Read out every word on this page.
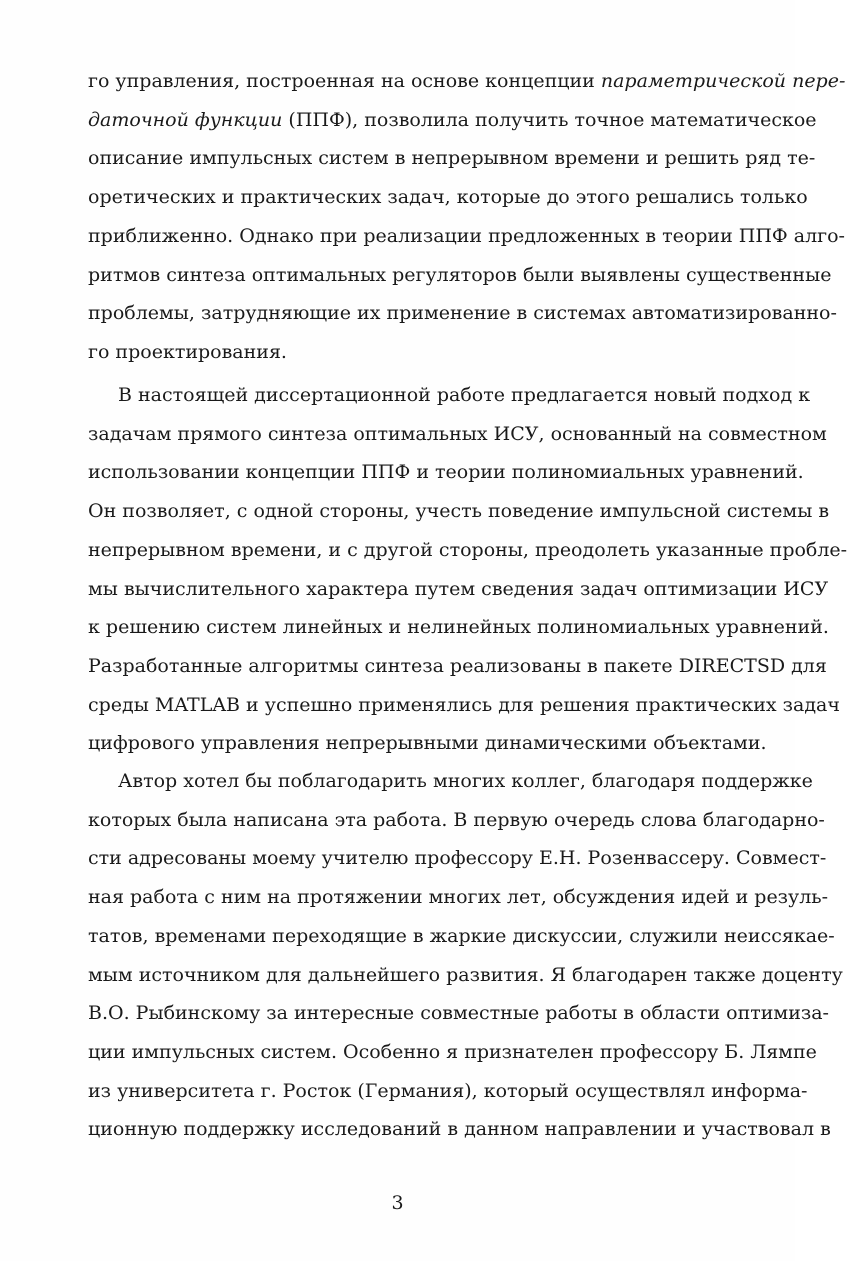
го управления, построенная на основе концепции параметрической пере-
даточной функции (ППФ), позволила получить точное математическое
описание импульсных систем в непрерывном времени и решить ряд те-
оретических и практических задач, которые до этого решались только
приближенно. Однако при реализации предложенных в теории ППФ алго-
ритмов синтеза оптимальных регуляторов были выявлены существенные
проблемы, затрудняющие их применение в системах автоматизированно-
го проектирования.
В настоящей диссертационной работе предлагается новый подход к
задачам прямого синтеза оптимальных ИСУ, основанный на совместном
использовании концепции ППФ и теории полиномиальных уравнений.
Он позволяет, с одной стороны, учесть поведение импульсной системы в
непрерывном времени, и с другой стороны, преодолеть указанные пробле-
мы вычислительного характера путем сведения задач оптимизации ИСУ
к решению систем линейных и нелинейных полиномиальных уравнений.
Разработанные алгоритмы синтеза реализованы в пакете DIRECTSD для
среды MATLAB и успешно применялись для решения практических задач
цифрового управления непрерывными динамическими объектами.
Автор хотел бы поблагодарить многих коллег, благодаря поддержке
которых была написана эта работа. В первую очередь слова благодарно-
сти адресованы моему учителю профессору Е.Н. Розенвассеру. Совмест-
ная работа с ним на протяжении многих лет, обсуждения идей и резуль-
татов, временами переходящие в жаркие дискуссии, служили неиссякае-
мым источником для дальнейшего развития. Я благодарен также доценту
В.О. Рыбинскому за интересные совместные работы в области оптимиза-
ции импульсных систем. Особенно я признателен профессору Б. Лямпе
из университета г. Росток (Германия), который осуществлял информа-
ционную поддержку исследований в данном направлении и участвовал в
3
